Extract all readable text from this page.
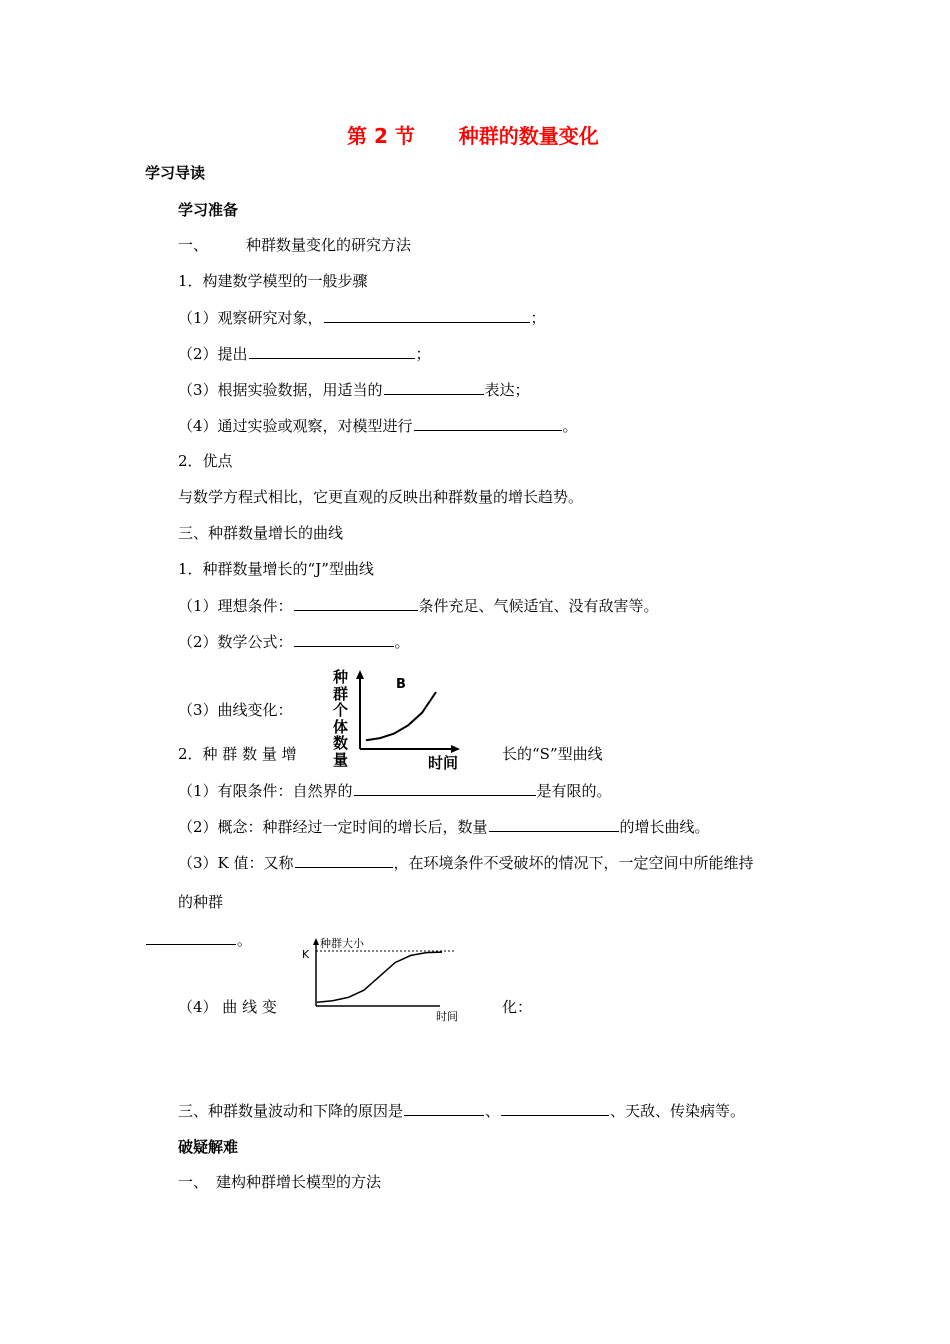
第 2 节 种群的数量变化
学习导读
学习准备
一、	种群数量变化的研究方法
1．构建数学模型的一般步骤
（1）观察研究对象，	；
（2）提出	；
（3）根据实验数据，用适当的	表达；
（4）通过实验或观察，对模型进行	。
2．优点
与数学方程式相比，它更直观的反映出种群数量的增长趋势。
三、种群数量增长的曲线
1．种群数量增长的“J”型曲线
（1）理想条件：	条件充足、气候适宜、没有敌害等。
（2）数学公式：	。
（3）曲线变化：
种
群
个
体
数
量
B
时间
2．种 群 数 量 增	长的“S”型曲线
（1）有限条件：自然界的	是有限的。
（2）概念：种群经过一定时间的增长后，数量	的增长曲线。
（3）K 值：又称	，在环境条件不受破坏的情况下，一定空间中所能维持
的种群
。	种群大小
K
时间
（4） 曲 线 变	化：
三、种群数量波动和下降的原因是	、	、天敌、传染病等。
破疑解难
一、 建构种群增长模型的方法
